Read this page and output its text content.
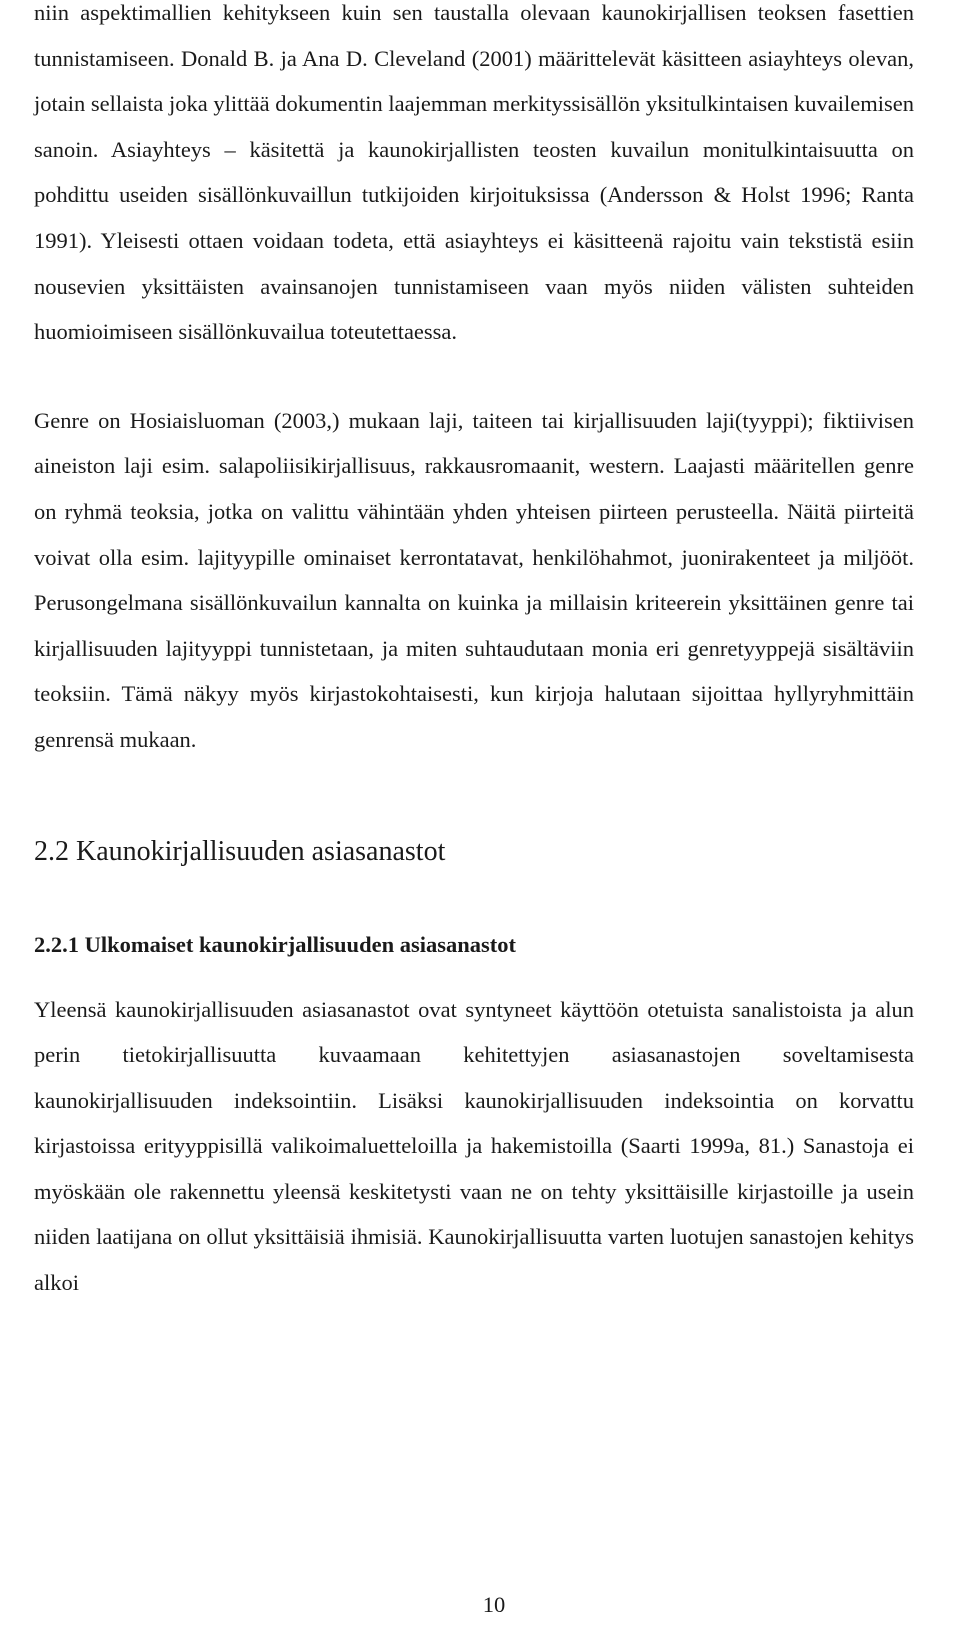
niin aspektimallien kehitykseen kuin sen taustalla olevaan kaunokirjallisen teoksen fasettien tunnistamiseen. Donald B. ja Ana D. Cleveland (2001) määrittelevät käsitteen asiayhteys olevan, jotain sellaista joka ylittää dokumentin laajemman merkityssisällön yksitulkintaisen kuvailemisen sanoin. Asiayhteys – käsitettä ja kaunokirjallisten teosten kuvailun monitulkintaisuutta on pohdittu useiden sisällönkuvaillun tutkijoiden kirjoituksissa (Andersson & Holst 1996; Ranta 1991). Yleisesti ottaen voidaan todeta, että asiayhteys ei käsitteenä rajoitu vain tekstistä esiin nousevien yksittäisten avainsanojen tunnistamiseen vaan myös niiden välisten suhteiden huomioimiseen sisällönkuvailua toteutettaessa.

Genre on Hosiaisluoman (2003,) mukaan laji, taiteen tai kirjallisuuden laji(tyyppi); fiktiivisen aineiston laji esim. salapoliisikirjallisuus, rakkausromaanit, western. Laajasti määritellen genre on ryhmä teoksia, jotka on valittu vähintään yhden yhteisen piirteen perusteella. Näitä piirteitä voivat olla esim. lajityypille ominaiset kerrontatavat, henkilöhahmot, juonirakenteet ja miljööt. Perusongelmana sisällönkuvailun kannalta on kuinka ja millaisin kriteerein yksittäinen genre tai kirjallisuuden lajityyppi tunnistetaan, ja miten suhtaudutaan monia eri genretyyppejä sisältäviin teoksiin. Tämä näkyy myös kirjastokohtaisesti, kun kirjoja halutaan sijoittaa hyllyryhmittäin genrensä mukaan.

2.2 Kaunokirjallisuuden asiasanastot
2.2.1 Ulkomaiset kaunokirjallisuuden asiasanastot

Yleensä kaunokirjallisuuden asiasanastot ovat syntyneet käyttöön otetuista sanalistoista ja alun perin tietokirjallisuutta kuvaamaan kehitettyjen asiasanastojen soveltamisesta kaunokirjallisuuden indeksointiin. Lisäksi kaunokirjallisuuden indeksointia on korvattu kirjastoissa erityyppisillä valikoimaluetteloilla ja hakemistoilla (Saarti 1999a, 81.) Sanastoja ei myöskään ole rakennettu yleensä keskitetysti vaan ne on tehty yksittäisille kirjastoille ja usein niiden laatijana on ollut yksittäisiä ihmisiä. Kaunokirjallisuutta varten luotujen sanastojen kehitys alkoi

10
